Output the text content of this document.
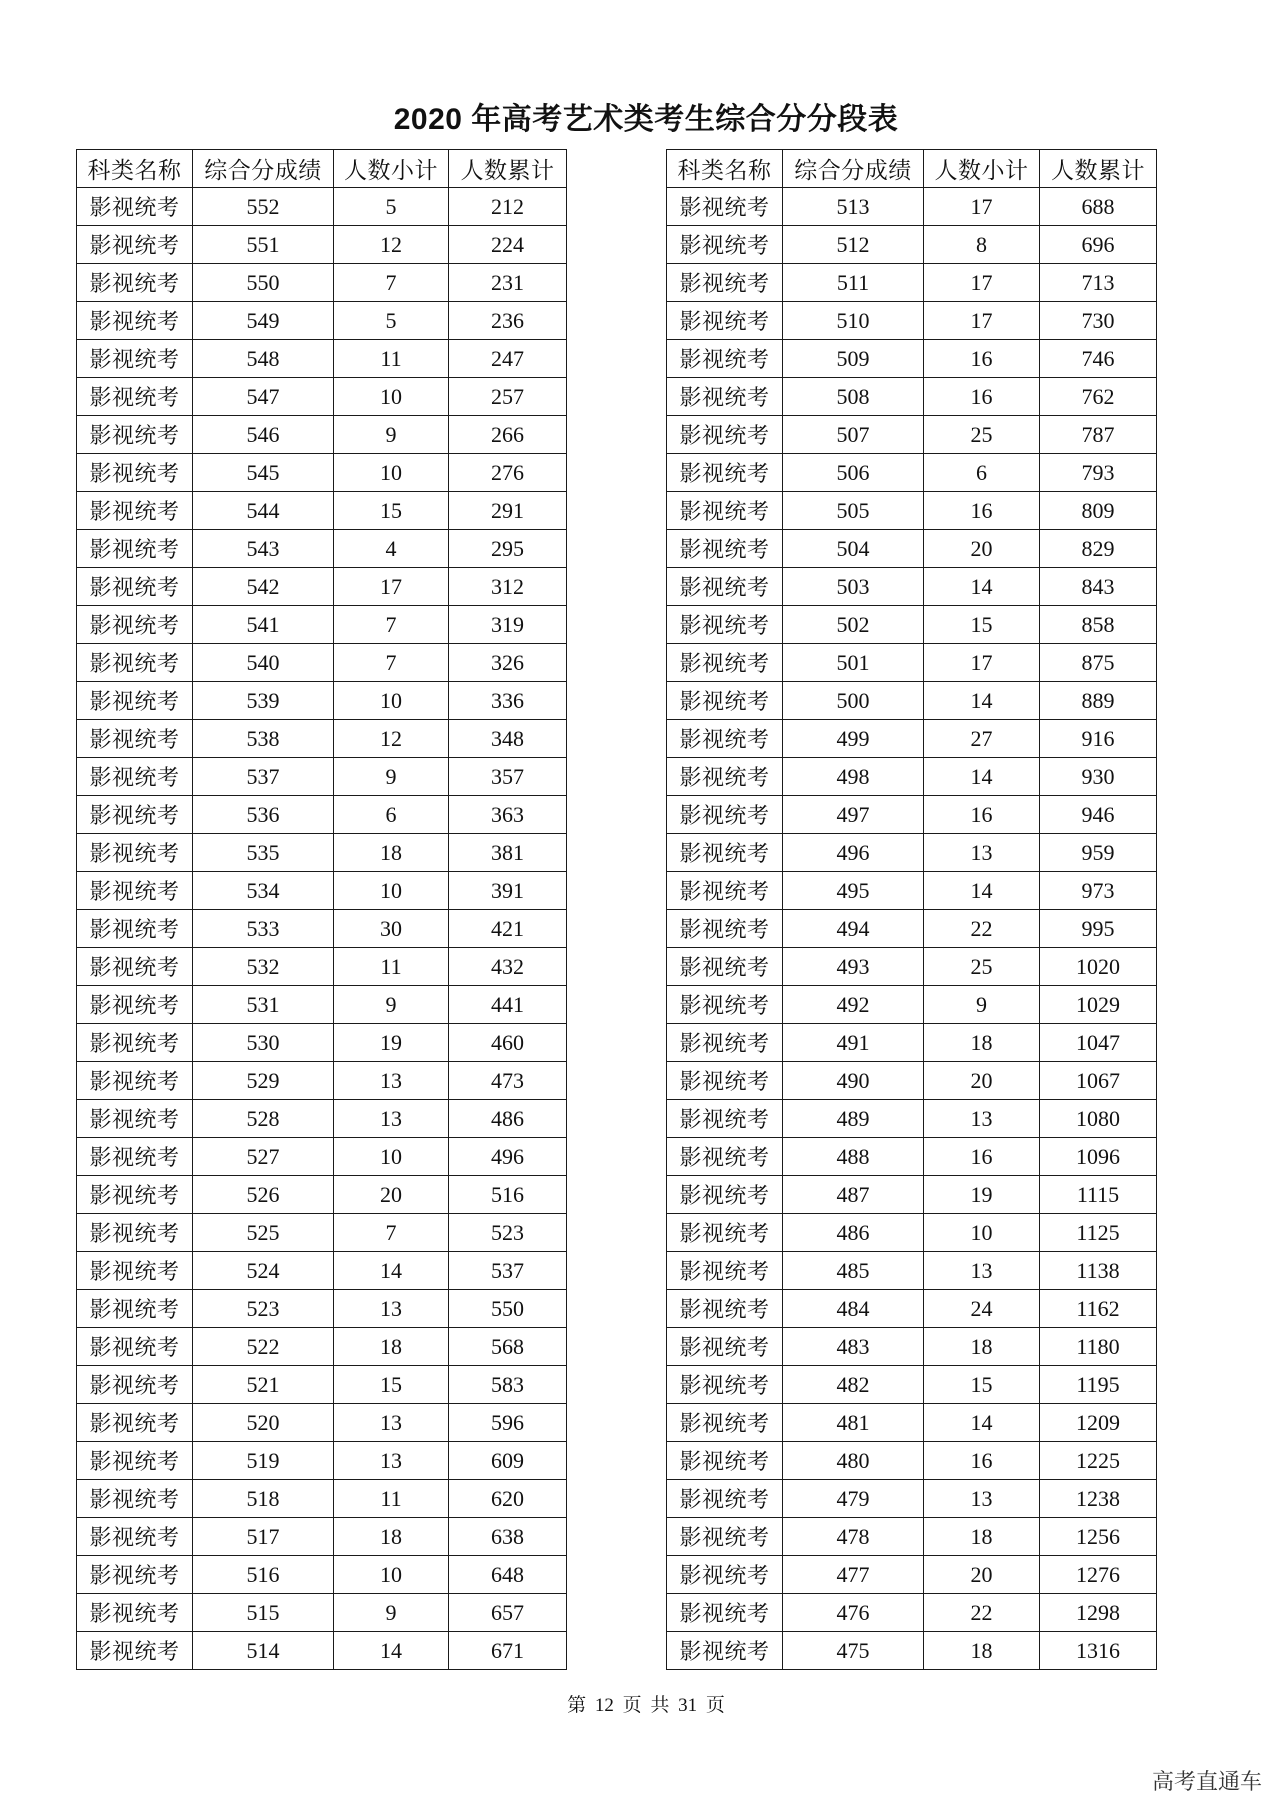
2020 年高考艺术类考生综合分分段表
科类名称	综合分成绩	人数小计	人数累计
影视统考	552	5	212
影视统考	551	12	224
影视统考	550	7	231
影视统考	549	5	236
影视统考	548	11	247
影视统考	547	10	257
影视统考	546	9	266
影视统考	545	10	276
影视统考	544	15	291
影视统考	543	4	295
影视统考	542	17	312
影视统考	541	7	319
影视统考	540	7	326
影视统考	539	10	336
影视统考	538	12	348
影视统考	537	9	357
影视统考	536	6	363
影视统考	535	18	381
影视统考	534	10	391
影视统考	533	30	421
影视统考	532	11	432
影视统考	531	9	441
影视统考	530	19	460
影视统考	529	13	473
影视统考	528	13	486
影视统考	527	10	496
影视统考	526	20	516
影视统考	525	7	523
影视统考	524	14	537
影视统考	523	13	550
影视统考	522	18	568
影视统考	521	15	583
影视统考	520	13	596
影视统考	519	13	609
影视统考	518	11	620
影视统考	517	18	638
影视统考	516	10	648
影视统考	515	9	657
影视统考	514	14	671
科类名称	综合分成绩	人数小计	人数累计
影视统考	513	17	688
影视统考	512	8	696
影视统考	511	17	713
影视统考	510	17	730
影视统考	509	16	746
影视统考	508	16	762
影视统考	507	25	787
影视统考	506	6	793
影视统考	505	16	809
影视统考	504	20	829
影视统考	503	14	843
影视统考	502	15	858
影视统考	501	17	875
影视统考	500	14	889
影视统考	499	27	916
影视统考	498	14	930
影视统考	497	16	946
影视统考	496	13	959
影视统考	495	14	973
影视统考	494	22	995
影视统考	493	25	1020
影视统考	492	9	1029
影视统考	491	18	1047
影视统考	490	20	1067
影视统考	489	13	1080
影视统考	488	16	1096
影视统考	487	19	1115
影视统考	486	10	1125
影视统考	485	13	1138
影视统考	484	24	1162
影视统考	483	18	1180
影视统考	482	15	1195
影视统考	481	14	1209
影视统考	480	16	1225
影视统考	479	13	1238
影视统考	478	18	1256
影视统考	477	20	1276
影视统考	476	22	1298
影视统考	475	18	1316
第 12 页 共 31 页
高考直通车
